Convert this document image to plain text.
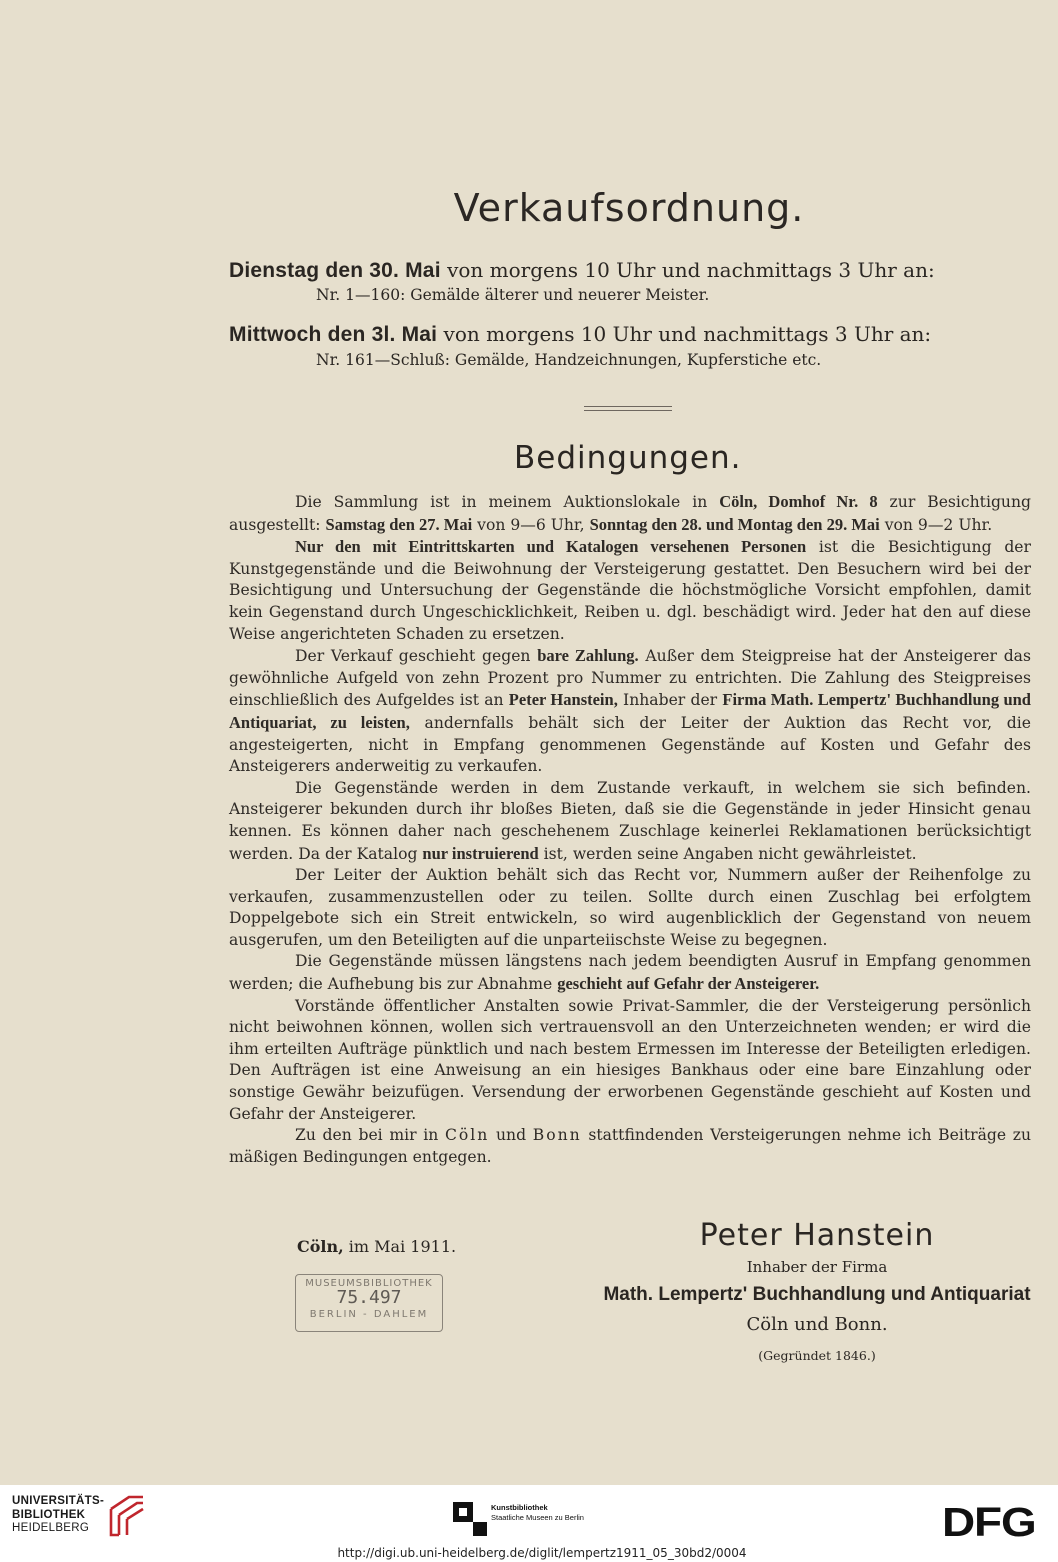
Verkaufsordnung.
Dienstag den 30. Mai von morgens 10 Uhr und nachmittags 3 Uhr an:
Nr. 1—160: Gemälde älterer und neuerer Meister.
Mittwoch den 3l. Mai von morgens 10 Uhr und nachmittags 3 Uhr an:
Nr. 161—Schluß: Gemälde, Handzeichnungen, Kupferstiche etc.
Bedingungen.

Die Sammlung ist in meinem Auktionslokale in Cöln, Domhof Nr. 8 zur Besichtigung ausgestellt: Samstag den 27. Mai von 9—6 Uhr, Sonntag den 28. und Montag den 29. Mai von 9—2 Uhr.

Nur den mit Eintrittskarten und Katalogen versehenen Personen ist die Besichtigung der Kunstgegenstände und die Beiwohnung der Versteigerung gestattet. Den Besuchern wird bei der Besichtigung und Untersuchung der Gegenstände die höchstmögliche Vorsicht empfohlen, damit kein Gegenstand durch Ungeschicklichkeit, Reiben u. dgl. beschädigt wird. Jeder hat den auf diese Weise angerichteten Schaden zu ersetzen.

Der Verkauf geschieht gegen bare Zahlung. Außer dem Steigpreise hat der Ansteigerer das gewöhnliche Aufgeld von zehn Prozent pro Nummer zu entrichten. Die Zahlung des Steigpreises einschließlich des Aufgeldes ist an Peter Hanstein, Inhaber der Firma Math. Lempertz' Buchhandlung und Antiquariat, zu leisten, andernfalls behält sich der Leiter der Auktion das Recht vor, die angesteigerten, nicht in Empfang genommenen Gegenstände auf Kosten und Gefahr des Ansteigerers anderweitig zu verkaufen.

Die Gegenstände werden in dem Zustande verkauft, in welchem sie sich befinden. Ansteigerer bekunden durch ihr bloßes Bieten, daß sie die Gegenstände in jeder Hinsicht genau kennen. Es können daher nach geschehenem Zuschlage keinerlei Reklamationen berücksichtigt werden. Da der Katalog nur instruierend ist, werden seine Angaben nicht gewährleistet.

Der Leiter der Auktion behält sich das Recht vor, Nummern außer der Reihenfolge zu verkaufen, zusammenzustellen oder zu teilen. Sollte durch einen Zuschlag bei erfolgtem Doppelgebote sich ein Streit entwickeln, so wird augenblicklich der Gegenstand von neuem ausgerufen, um den Beteiligten auf die unparteiischste Weise zu begegnen.

Die Gegenstände müssen längstens nach jedem beendigten Ausruf in Empfang genommen werden; die Aufhebung bis zur Abnahme geschieht auf Gefahr der Ansteigerer.

Vorstände öffentlicher Anstalten sowie Privat-Sammler, die der Versteigerung persönlich nicht beiwohnen können, wollen sich vertrauensvoll an den Unterzeichneten wenden; er wird die ihm erteilten Aufträge pünktlich und nach bestem Ermessen im Interesse der Beteiligten erledigen. Den Aufträgen ist eine Anweisung an ein hiesiges Bankhaus oder eine bare Einzahlung oder sonstige Gewähr beizufügen. Versendung der erworbenen Gegenstände geschieht auf Kosten und Gefahr der Ansteigerer.

Zu den bei mir in Cöln und Bonn stattfindenden Versteigerungen nehme ich Beiträge zu mäßigen Bedingungen entgegen.

Cöln, im Mai 1911.
MUSEUMSBIBLIOTHEK
75.497
BERLIN - DAHLEM
Peter Hanstein
Inhaber der Firma
Math. Lempertz' Buchhandlung und Antiquariat
Cöln und Bonn.
(Gegründet 1846.)
UNIVERSITÄTS-
BIBLIOTHEK
HEIDELBERG
Kunstbibliothek
Staatliche Museen zu Berlin	DFG
http://digi.ub.uni-heidelberg.de/diglit/lempertz1911_05_30bd2/0004
